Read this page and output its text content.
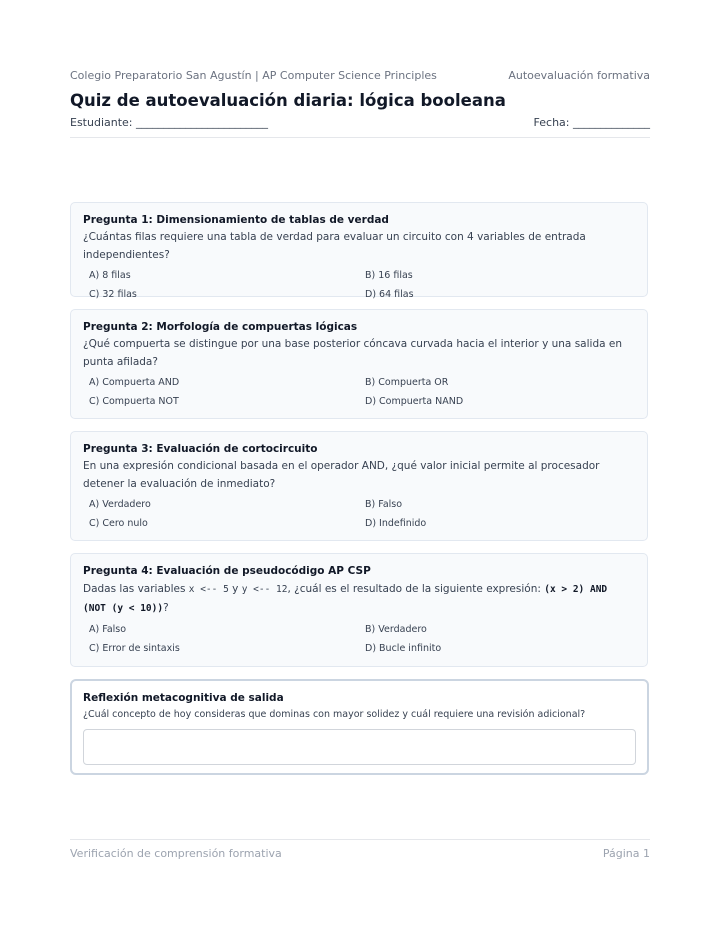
Colegio Preparatorio San Agustín | AP Computer Science Principles	Autoevaluación formativa
Quiz de autoevaluación diaria: lógica booleana
Estudiante: ________________________	Fecha: ______________
Pregunta 1: Dimensionamiento de tablas de verdad
¿Cuántas filas requiere una tabla de verdad para evaluar un circuito con 4 variables de entrada independientes?
A) 8 filas	B) 16 filas
C) 32 filas	D) 64 filas
Pregunta 2: Morfología de compuertas lógicas
¿Qué compuerta se distingue por una base posterior cóncava curvada hacia el interior y una salida en punta afilada?
A) Compuerta AND	B) Compuerta OR
C) Compuerta NOT	D) Compuerta NAND
Pregunta 3: Evaluación de cortocircuito
En una expresión condicional basada en el operador AND, ¿qué valor inicial permite al procesador detener la evaluación de inmediato?
A) Verdadero	B) Falso
C) Cero nulo	D) Indefinido
Pregunta 4: Evaluación de pseudocódigo AP CSP
Dadas las variables x <-- 5 y y <-- 12, ¿cuál es el resultado de la siguiente expresión: (x > 2) AND (NOT (y < 10))?
A) Falso	B) Verdadero
C) Error de sintaxis	D) Bucle infinito
Reflexión metacognitiva de salida
¿Cuál concepto de hoy consideras que dominas con mayor solidez y cuál requiere una revisión adicional?
Verificación de comprensión formativa	Página 1
